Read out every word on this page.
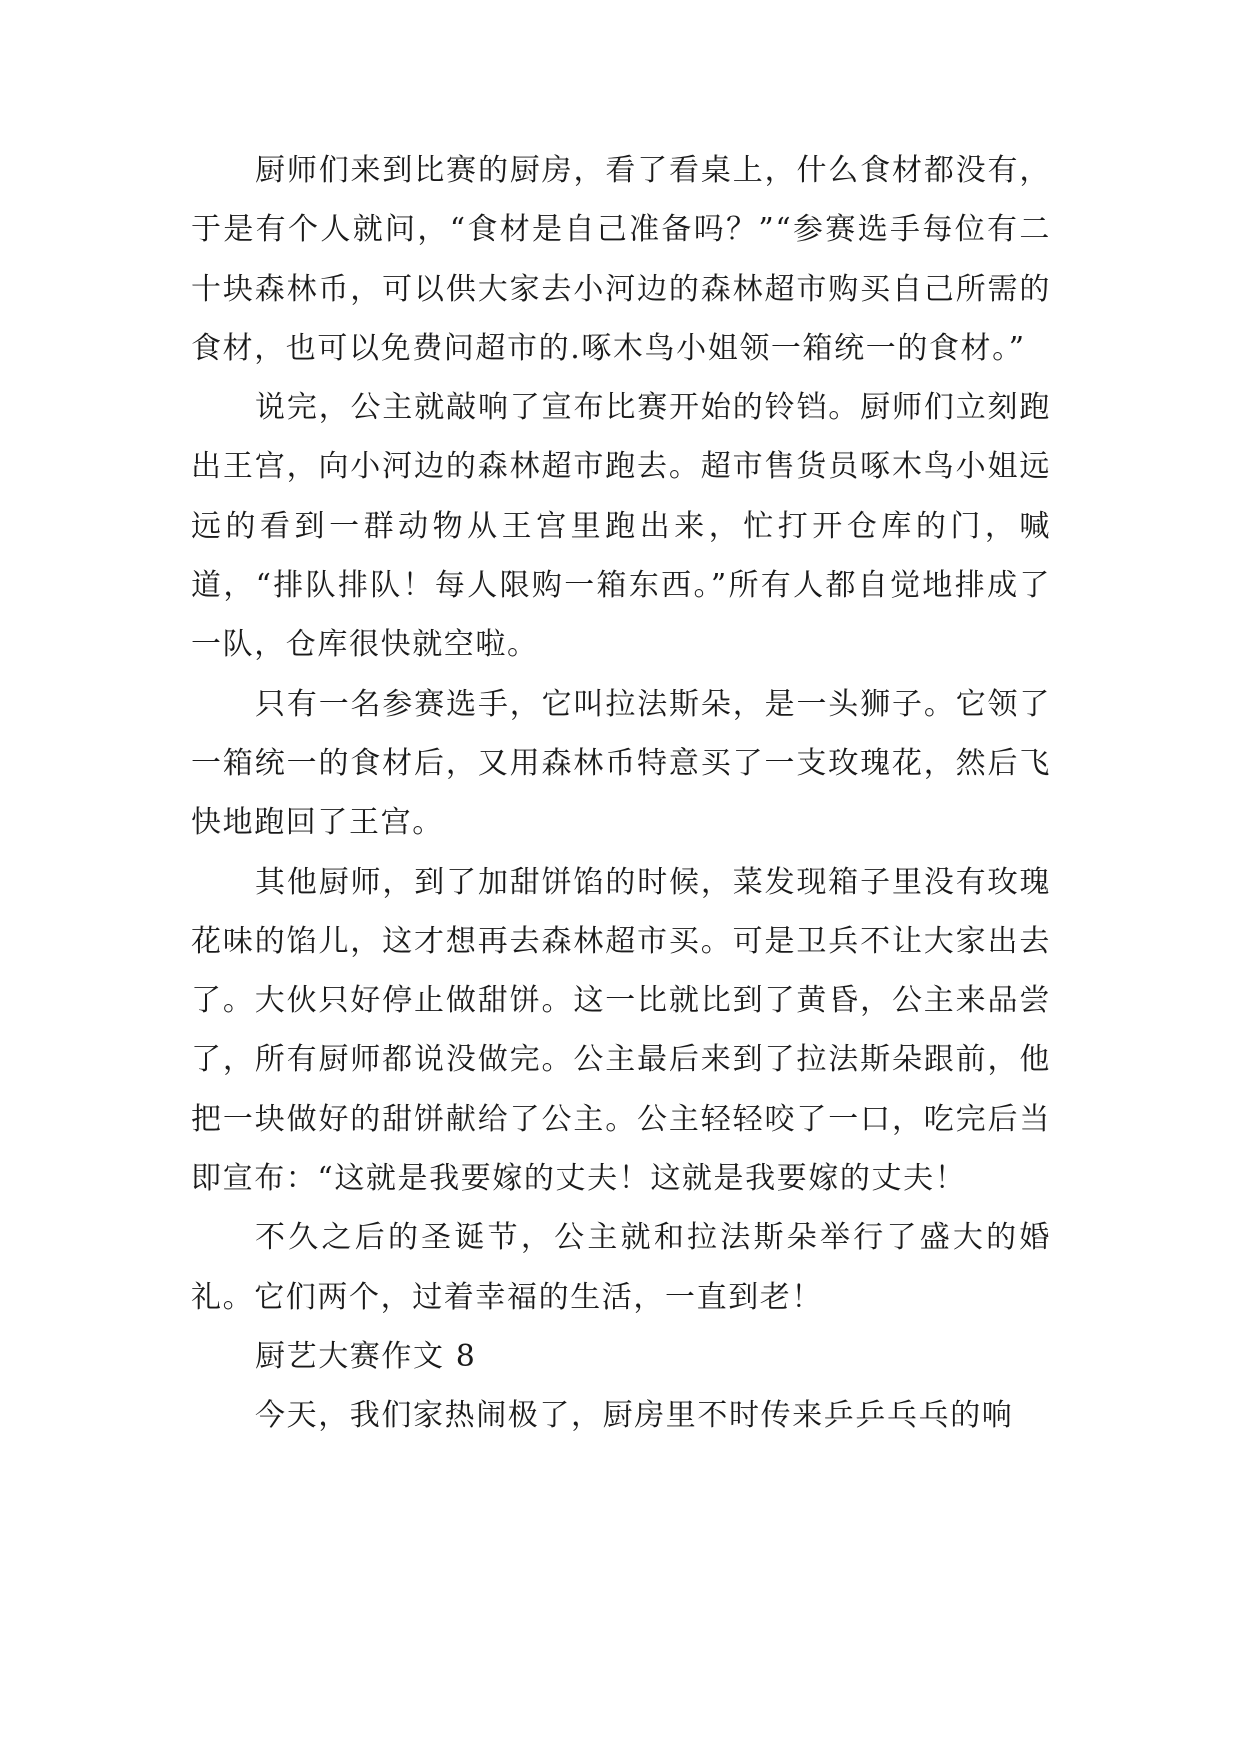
厨师们来到比赛的厨房，看了看桌上，什么食材都没有，于是有个人就问，“食材是自己准备吗？”“参赛选手每位有二十块森林币，可以供大家去小河边的森林超市购买自己所需的食材，也可以免费问超市的.啄木鸟小姐领一箱统一的食材。”

说完，公主就敲响了宣布比赛开始的铃铛。厨师们立刻跑出王宫，向小河边的森林超市跑去。超市售货员啄木鸟小姐远远的看到一群动物从王宫里跑出来，忙打开仓库的门，喊道，“排队排队！每人限购一箱东西。”所有人都自觉地排成了一队，仓库很快就空啦。

只有一名参赛选手，它叫拉法斯朵，是一头狮子。它领了一箱统一的食材后，又用森林币特意买了一支玫瑰花，然后飞快地跑回了王宫。

其他厨师，到了加甜饼馅的时候，菜发现箱子里没有玫瑰花味的馅儿，这才想再去森林超市买。可是卫兵不让大家出去了。大伙只好停止做甜饼。这一比就比到了黄昏，公主来品尝了，所有厨师都说没做完。公主最后来到了拉法斯朵跟前，他把一块做好的甜饼献给了公主。公主轻轻咬了一口，吃完后当即宣布：“这就是我要嫁的丈夫！这就是我要嫁的丈夫！

不久之后的圣诞节，公主就和拉法斯朵举行了盛大的婚礼。它们两个，过着幸福的生活，一直到老！

厨艺大赛作文 8

今天，我们家热闹极了，厨房里不时传来乒乒乓乓的响
